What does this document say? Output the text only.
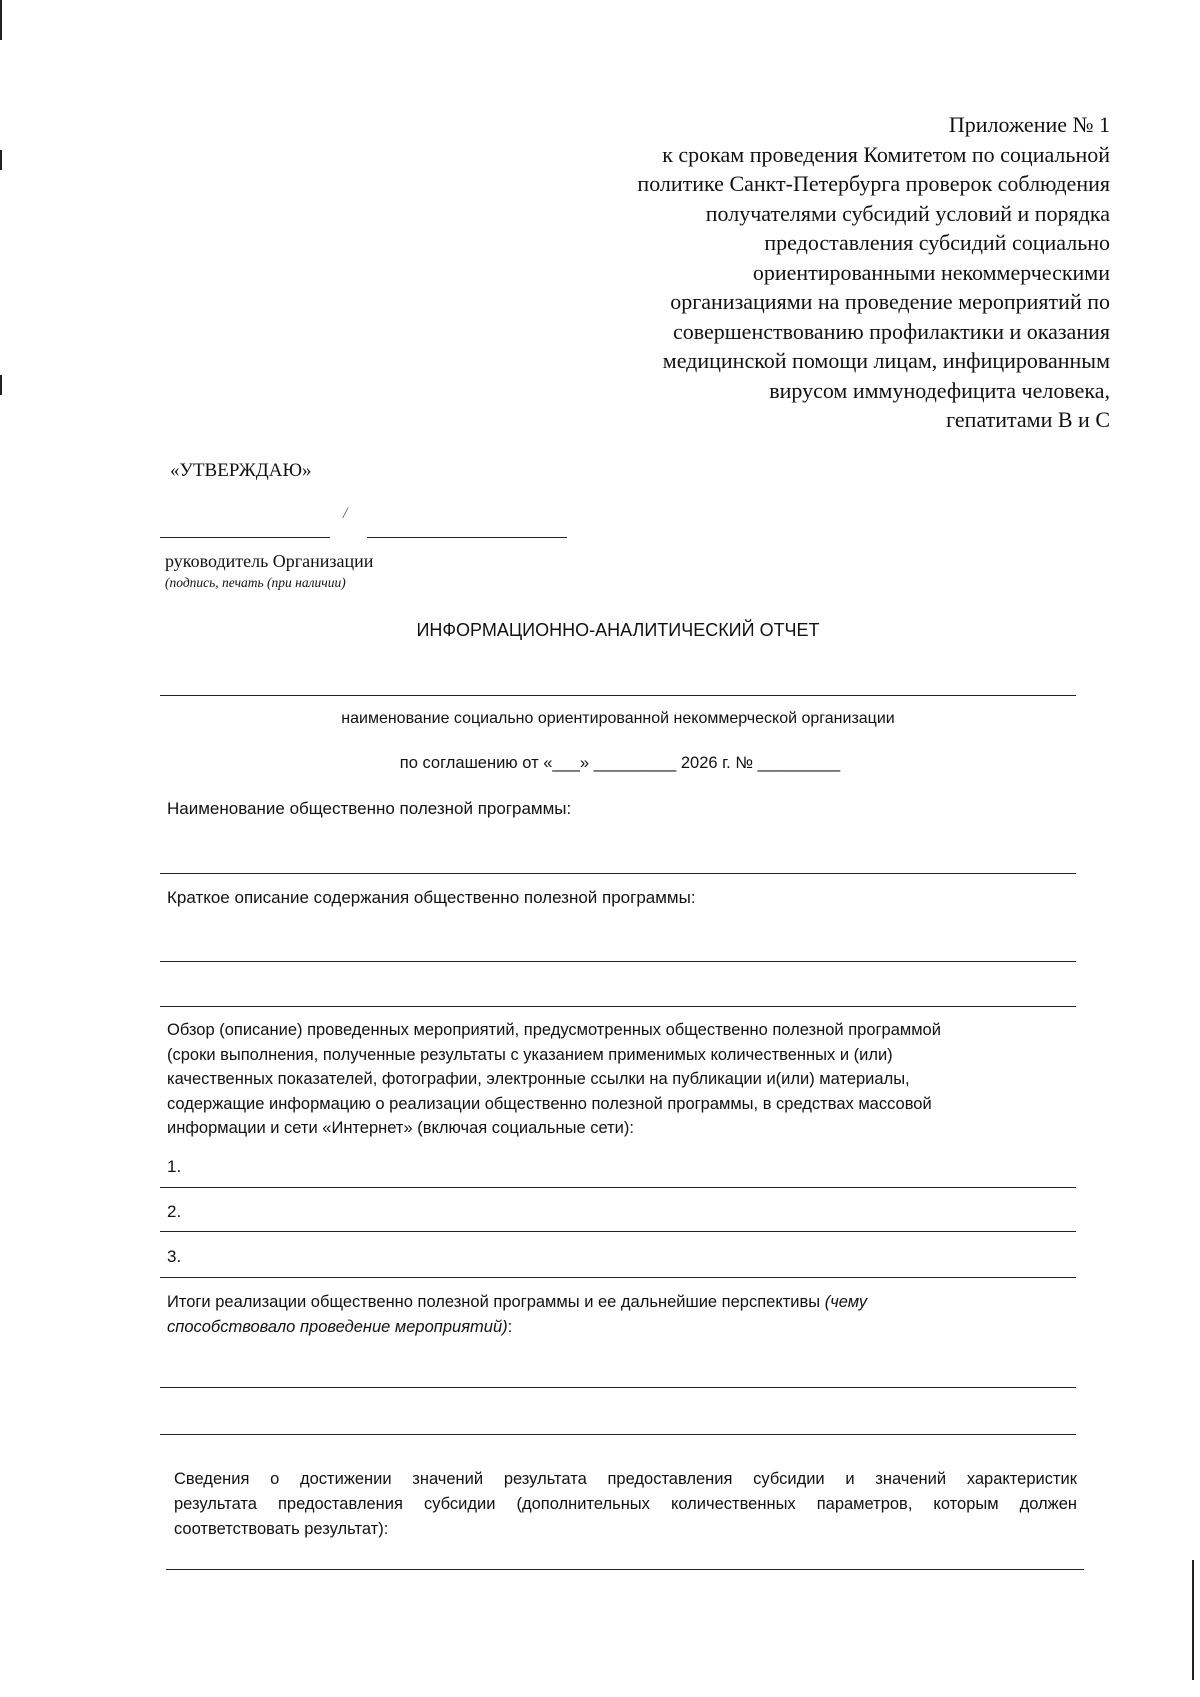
Приложение № 1
к срокам проведения Комитетом по социальной
политике Санкт-Петербурга проверок соблюдения
получателями субсидий условий и порядка
предоставления субсидий социально
ориентированными некоммерческими
организациями на проведение мероприятий по
совершенствованию профилактики и оказания
медицинской помощи лицам, инфицированным
вирусом иммунодефицита человека,
гепатитами В и С
«УТВЕРЖДАЮ»
/
руководитель Организации
(подпись, печать (при наличии)
ИНФОРМАЦИОННО-АНАЛИТИЧЕСКИЙ ОТЧЕТ
наименование социально ориентированной некоммерческой организации
по соглашению от «___» _________ 2026 г. № _________
Наименование общественно полезной программы:
Краткое описание содержания общественно полезной программы:
Обзор (описание) проведенных мероприятий, предусмотренных общественно полезной программой
(сроки выполнения, полученные результаты с указанием применимых количественных и (или)
качественных показателей, фотографии, электронные ссылки на публикации и(или) материалы,
содержащие информацию о реализации общественно полезной программы, в средствах массовой
информации и сети «Интернет» (включая социальные сети):
1.
2.
3.
Итоги реализации общественно полезной программы и ее дальнейшие перспективы (чему
способствовало проведение мероприятий):
Сведения о достижении значений результата предоставления субсидии и значений характеристик
результата предоставления субсидии (дополнительных количественных параметров, которым должен
соответствовать результат):
